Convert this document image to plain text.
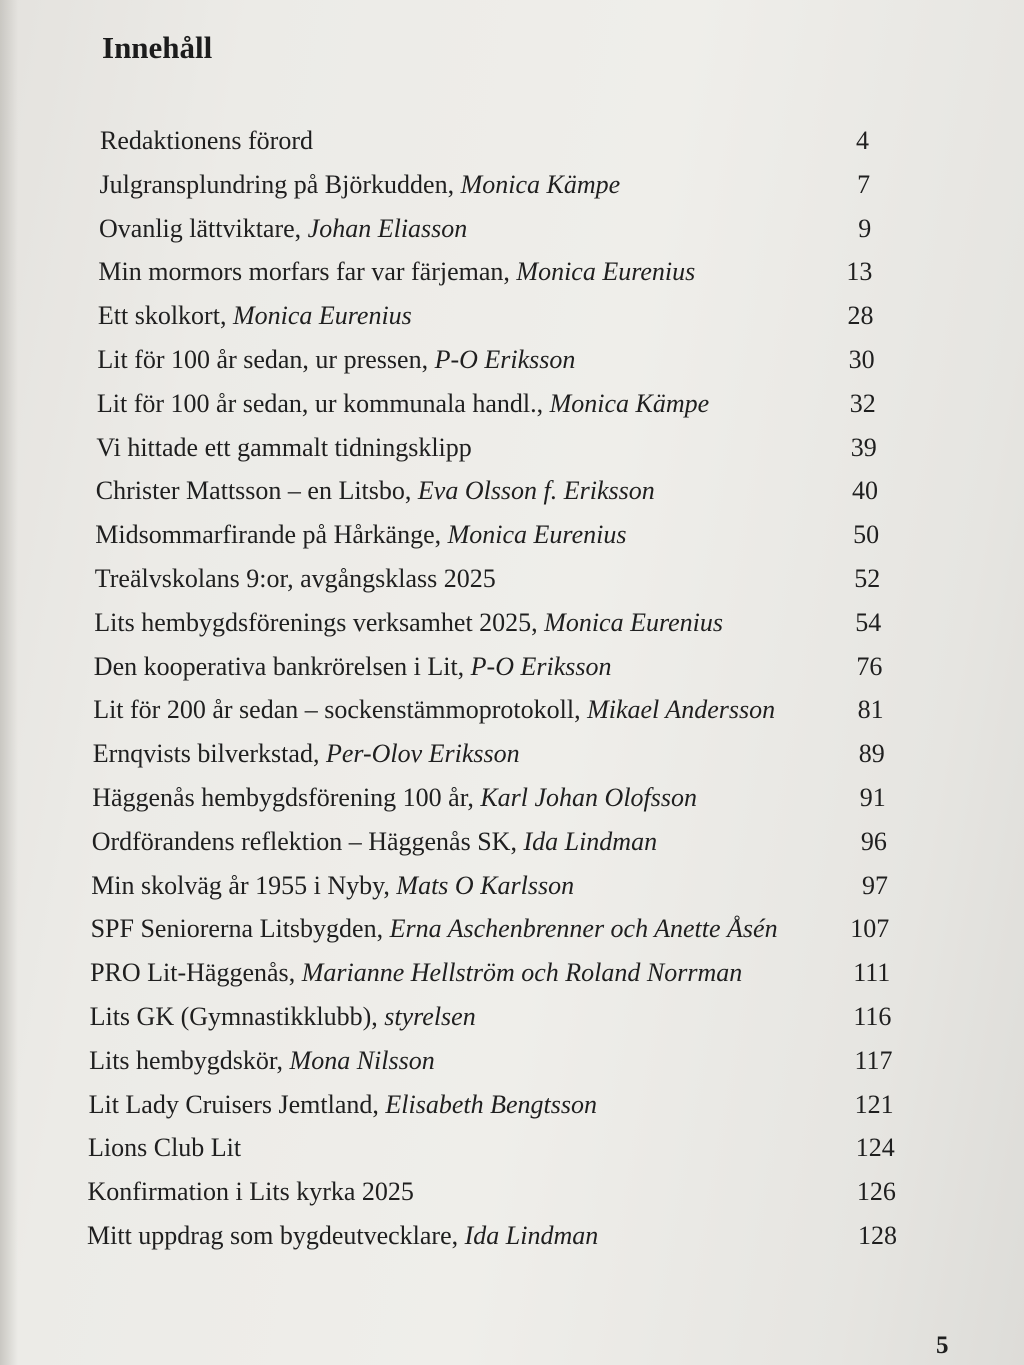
Innehåll
Redaktionens förord	4
Julgransplundring på Björkudden, Monica Kämpe	7
Ovanlig lättviktare, Johan Eliasson	9
Min mormors morfars far var färjeman, Monica Eurenius	13
Ett skolkort, Monica Eurenius	28
Lit för 100 år sedan, ur pressen, P-O Eriksson	30
Lit för 100 år sedan, ur kommunala handl., Monica Kämpe	32
Vi hittade ett gammalt tidningsklipp	39
Christer Mattsson – en Litsbo, Eva Olsson f. Eriksson	40
Midsommarfirande på Hårkänge, Monica Eurenius	50
Treälvskolans 9:or, avgångsklass 2025	52
Lits hembygdsförenings verksamhet 2025, Monica Eurenius	54
Den kooperativa bankrörelsen i Lit, P-O Eriksson	76
Lit för 200 år sedan – sockenstämmoprotokoll, Mikael Andersson	81
Ernqvists bilverkstad, Per-Olov Eriksson	89
Häggenås hembygdsförening 100 år, Karl Johan Olofsson	91
Ordförandens reflektion – Häggenås SK, Ida Lindman	96
Min skolväg år 1955 i Nyby, Mats O Karlsson	97
SPF Seniorerna Litsbygden, Erna Aschenbrenner och Anette Åsén	107
PRO Lit-Häggenås, Marianne Hellström och Roland Norrman	111
Lits GK (Gymnastikklubb), styrelsen	116
Lits hembygdskör, Mona Nilsson	117
Lit Lady Cruisers Jemtland, Elisabeth Bengtsson	121
Lions Club Lit	124
Konfirmation i Lits kyrka 2025	126
Mitt uppdrag som bygdeutvecklare, Ida Lindman	128
5
